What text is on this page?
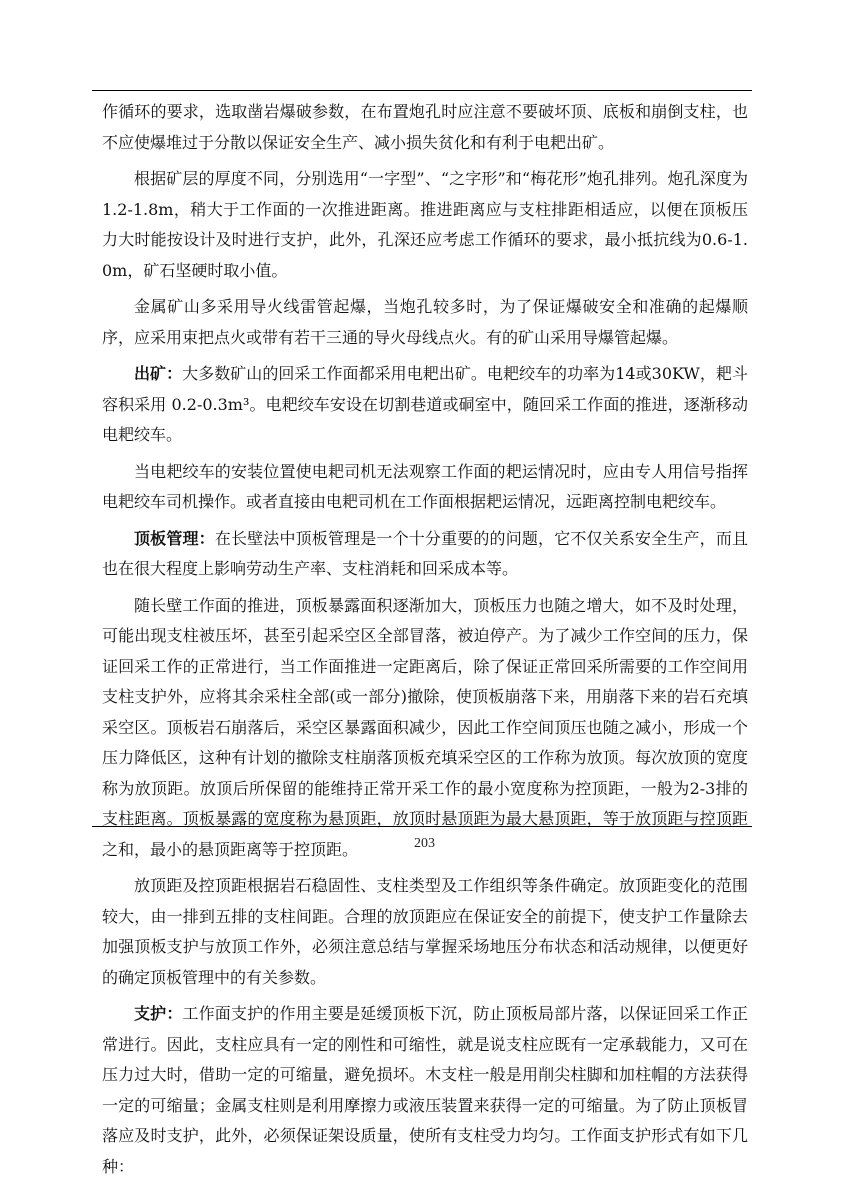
作循环的要求，选取凿岩爆破参数，在布置炮孔时应注意不要破坏顶、底板和崩倒支柱，也不应使爆堆过于分散以保证安全生产、减小损失贫化和有利于电耙出矿。

根据矿层的厚度不同，分别选用“一字型”、“之字形”和“梅花形”炮孔排列。炮孔深度为1.2-1.8m，稍大于工作面的一次推进距离。推进距离应与支柱排距相适应，以便在顶板压力大时能按设计及时进行支护，此外，孔深还应考虑工作循环的要求，最小抵抗线为0.6-1.0m，矿石坚硬时取小值。

金属矿山多采用导火线雷管起爆，当炮孔较多时，为了保证爆破安全和准确的起爆顺序，应采用束把点火或带有若干三通的导火母线点火。有的矿山采用导爆管起爆。

出矿：大多数矿山的回采工作面都采用电耙出矿。电耙绞车的功率为14或30KW，耙斗容积采用 0.2-0.3m³。电耙绞车安设在切割巷道或硐室中，随回采工作面的推进，逐渐移动电耙绞车。

当电耙绞车的安装位置使电耙司机无法观察工作面的耙运情况时，应由专人用信号指挥电耙绞车司机操作。或者直接由电耙司机在工作面根据耙运情况，远距离控制电耙绞车。

顶板管理：在长壁法中顶板管理是一个十分重要的的问题，它不仅关系安全生产，而且也在很大程度上影响劳动生产率、支柱消耗和回采成本等。

随长壁工作面的推进，顶板暴露面积逐渐加大，顶板压力也随之增大，如不及时处理，可能出现支柱被压坏，甚至引起采空区全部冒落，被迫停产。为了减少工作空间的压力，保证回采工作的正常进行，当工作面推进一定距离后，除了保证正常回采所需要的工作空间用支柱支护外，应将其余采柱全部(或一部分)撤除，使顶板崩落下来，用崩落下来的岩石充填采空区。顶板岩石崩落后，采空区暴露面积减少，因此工作空间顶压也随之减小，形成一个压力降低区，这种有计划的撤除支柱崩落顶板充填采空区的工作称为放顶。每次放顶的宽度称为放顶距。放顶后所保留的能维持正常开采工作的最小宽度称为控顶距，一般为2-3排的支柱距离。顶板暴露的宽度称为悬顶距，放顶时悬顶距为最大悬顶距，等于放顶距与控顶距之和，最小的悬顶距离等于控顶距。

放顶距及控顶距根据岩石稳固性、支柱类型及工作组织等条件确定。放顶距变化的范围较大，由一排到五排的支柱间距。合理的放顶距应在保证安全的前提下，使支护工作量除去加强顶板支护与放顶工作外，必须注意总结与掌握采场地压分布状态和活动规律，以便更好的确定顶板管理中的有关参数。

支护：工作面支护的作用主要是延缓顶板下沉，防止顶板局部片落，以保证回采工作正常进行。因此，支柱应具有一定的刚性和可缩性，就是说支柱应既有一定承载能力，又可在压力过大时，借助一定的可缩量，避免损坏。木支柱一般是用削尖柱脚和加柱帽的方法获得一定的可缩量；金属支柱则是利用摩擦力或液压装置来获得一定的可缩量。为了防止顶板冒落应及时支护，此外，必须保证架设质量，使所有支柱受力均匀。工作面支护形式有如下几种：

203
